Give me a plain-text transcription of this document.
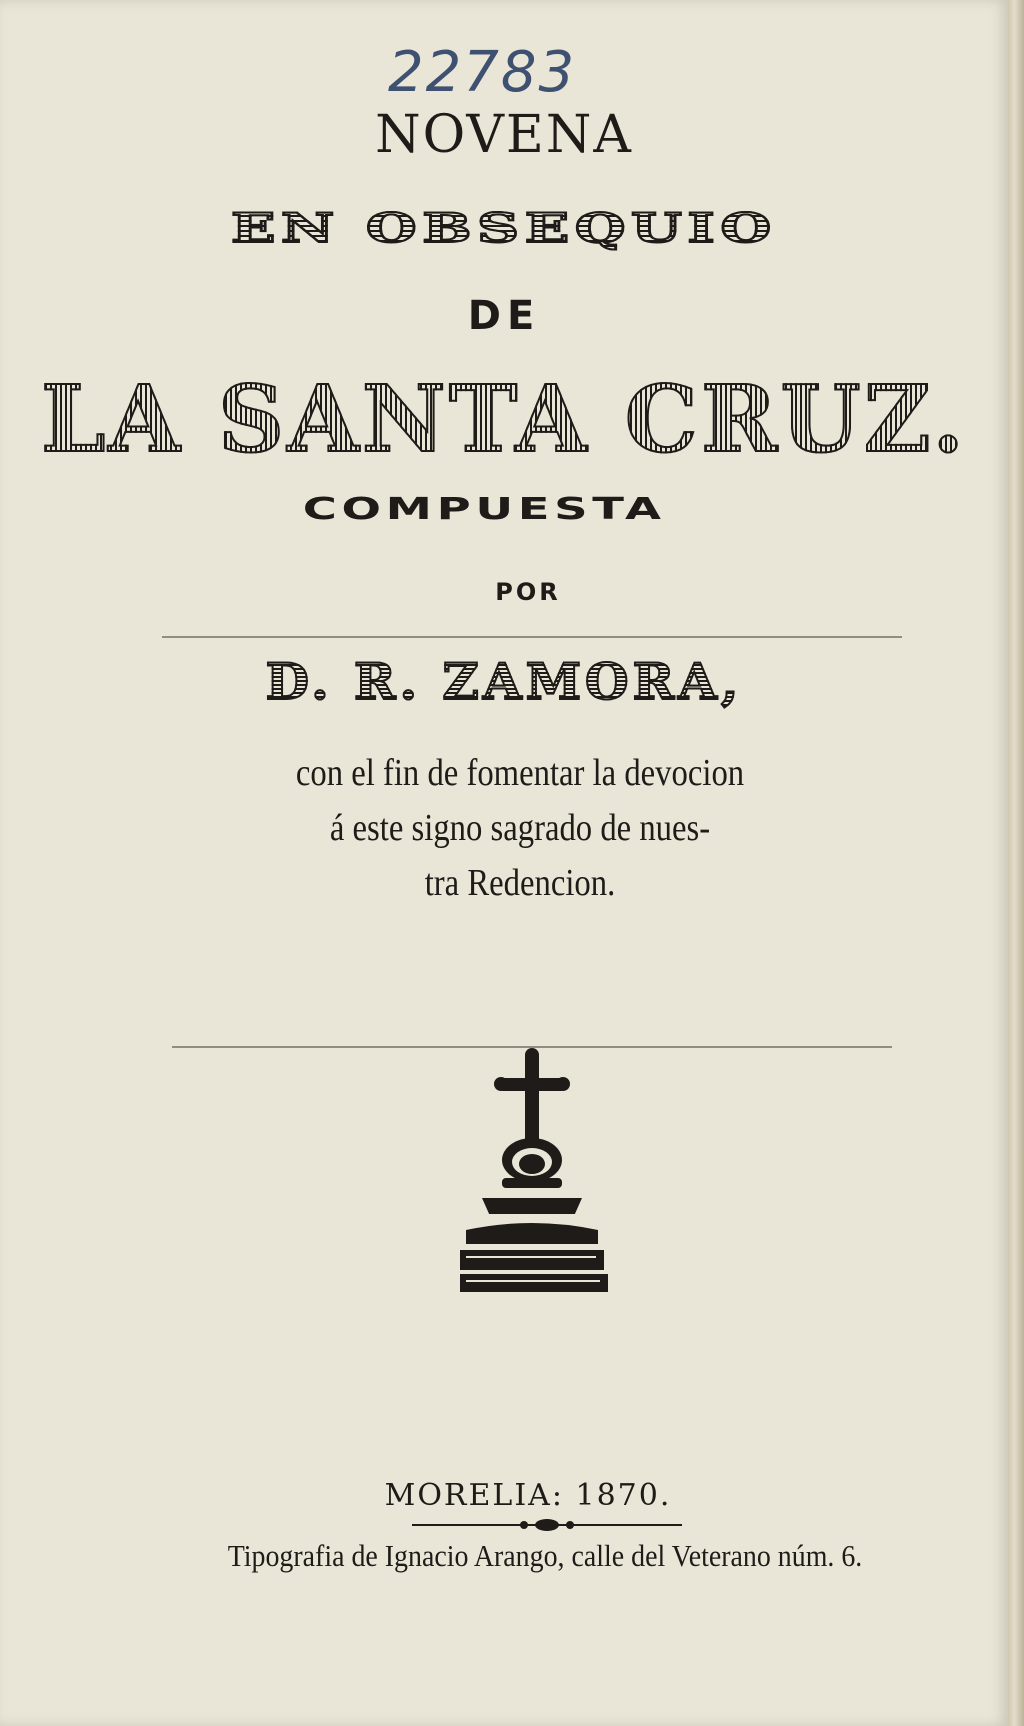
22783
NOVENA
EN OBSEQUIO
DE
LA SANTA CRUZ.
COMPUESTA
POR
D. R. ZAMORA,
con el fin de fomentar la devocion
á este signo sagrado de nues-
tra Redencion.
MORELIA: 1870.
Tipografia de Ignacio Arango, calle del Veterano núm. 6.
